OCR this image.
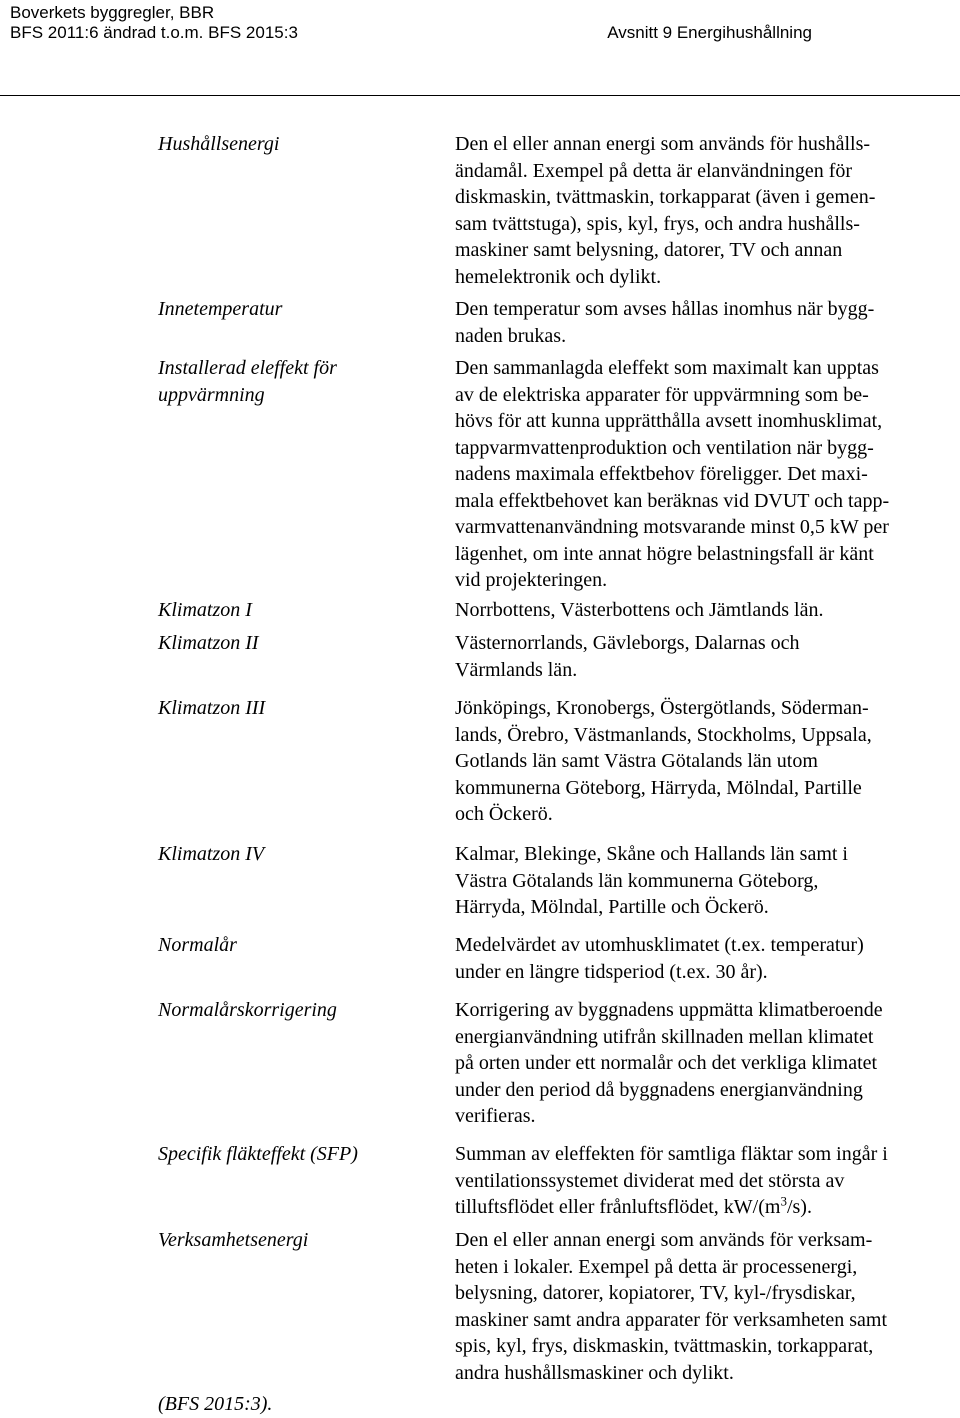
Boverkets byggregler, BBR
BFS 2011:6 ändrad t.o.m. BFS 2015:3	Avsnitt 9 Energihushållning
Hushållsenergi
Innetemperatur
Installerad eleffekt för
uppvärmning
Klimatzon I
Klimatzon II
Klimatzon III
Klimatzon IV
Normalår
Normalårskorrigering
Specifik fläkteffekt (SFP)
Verksamhetsenergi
(BFS 2015:3).
Den el eller annan energi som används för hushålls-
ändamål. Exempel på detta är elanvändningen för
diskmaskin, tvättmaskin, torkapparat (även i gemen-
sam tvättstuga), spis, kyl, frys, och andra hushålls-
maskiner samt belysning, datorer, TV och annan
hemelektronik och dylikt.
Den temperatur som avses hållas inomhus när bygg-
naden brukas.
Den sammanlagda eleffekt som maximalt kan upptas
av de elektriska apparater för uppvärmning som be-
hövs för att kunna upprätthålla avsett inomhusklimat,
tappvarmvattenproduktion och ventilation när bygg-
nadens maximala effektbehov föreligger. Det maxi-
mala effektbehovet kan beräknas vid DVUT och tapp-
varmvattenanvändning motsvarande minst 0,5 kW per
lägenhet, om inte annat högre belastningsfall är känt
vid projekteringen.
Norrbottens, Västerbottens och Jämtlands län.
Västernorrlands, Gävleborgs, Dalarnas och
Värmlands län.
Jönköpings, Kronobergs, Östergötlands, Söderman-
lands, Örebro, Västmanlands, Stockholms, Uppsala,
Gotlands län samt Västra Götalands län utom
kommunerna Göteborg, Härryda, Mölndal, Partille
och Öckerö.
Kalmar, Blekinge, Skåne och Hallands län samt i
Västra Götalands län kommunerna Göteborg,
Härryda, Mölndal, Partille och Öckerö.
Medelvärdet av utomhusklimatet (t.ex. temperatur)
under en längre tidsperiod (t.ex. 30 år).
Korrigering av byggnadens uppmätta klimatberoende
energianvändning utifrån skillnaden mellan klimatet
på orten under ett normalår och det verkliga klimatet
under den period då byggnadens energianvändning
verifieras.
Summan av eleffekten för samtliga fläktar som ingår i
ventilationssystemet dividerat med det största av
tilluftsflödet eller frånluftsflödet, $kW/(m^3/s)$.
Den el eller annan energi som används för verksam-
heten i lokaler. Exempel på detta är processenergi,
belysning, datorer, kopiatorer, TV, kyl-/frysdiskar,
maskiner samt andra apparater för verksamheten samt
spis, kyl, frys, diskmaskin, tvättmaskin, torkapparat,
andra hushållsmaskiner och dylikt.
